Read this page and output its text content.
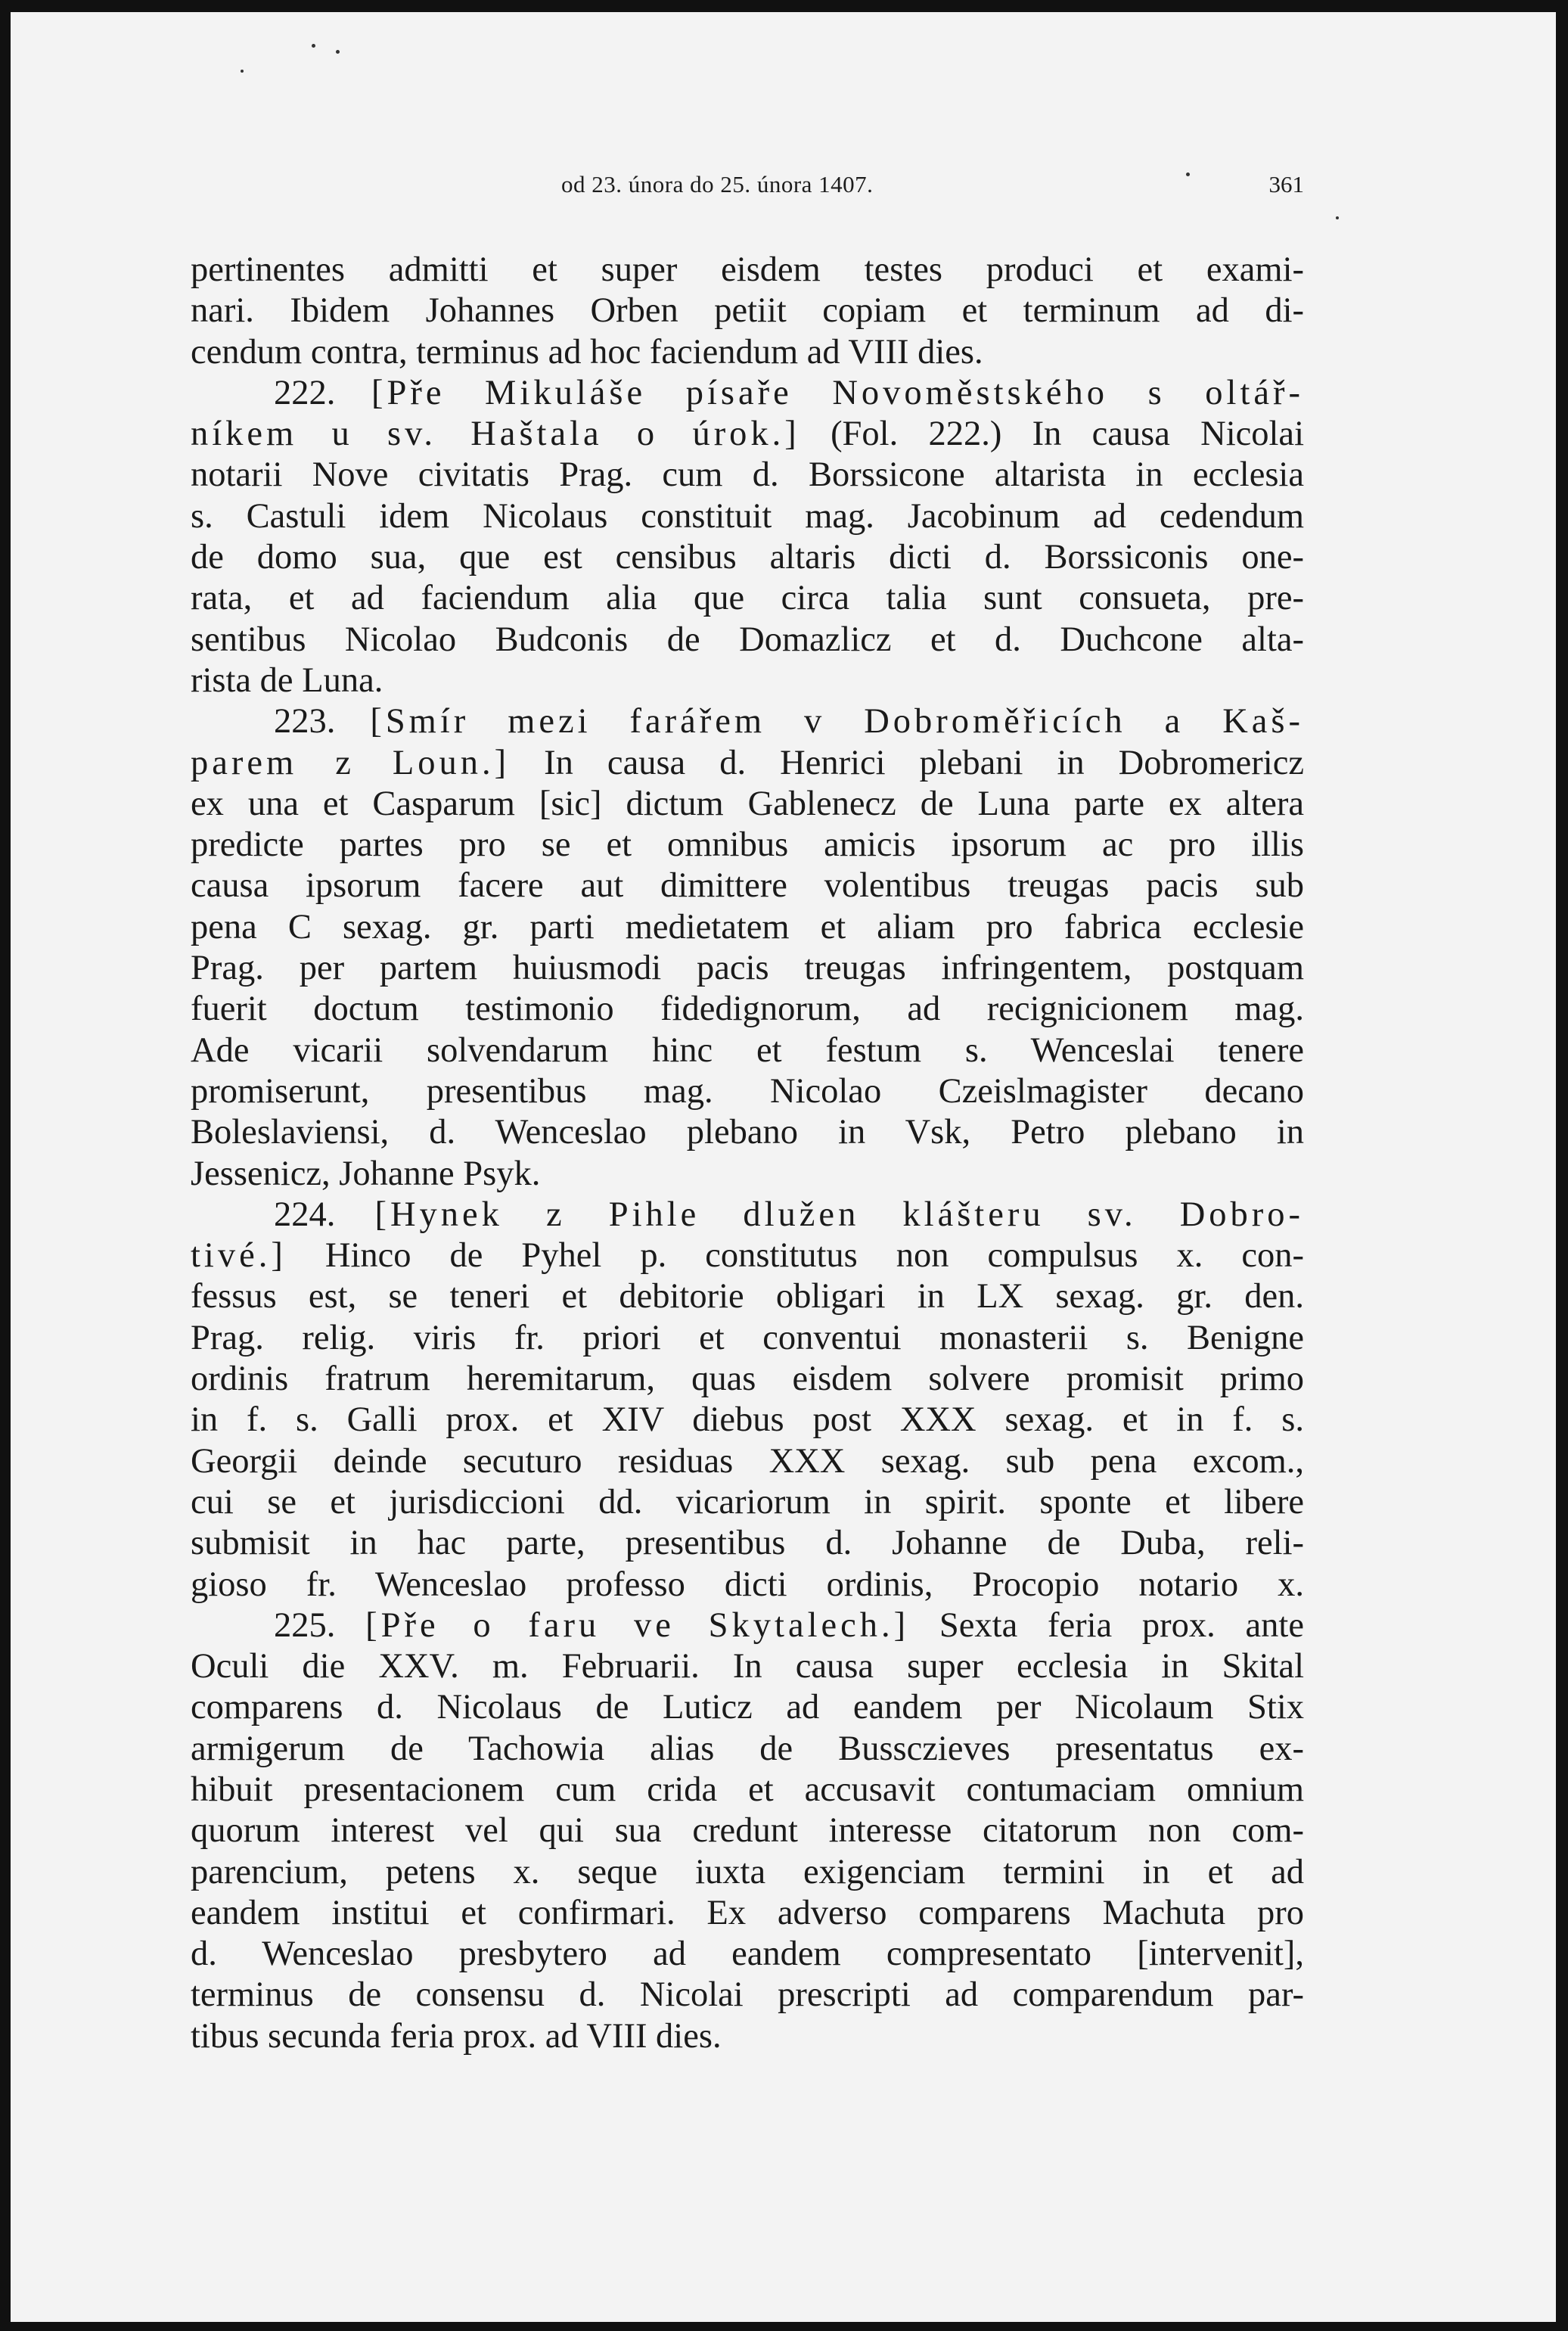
od 23. února do 25. února 1407.	361
pertinentes admitti et super eisdem testes produci et exami-
nari. Ibidem Johannes Orben petiit copiam et terminum ad di-
cendum contra, terminus ad hoc faciendum ad VIII dies.
222. [Pře Mikuláše písaře Novoměstského s oltář-
níkem u sv. Haštala o úrok.] (Fol. 222.) In causa Nicolai
notarii Nove civitatis Prag. cum d. Borssicone altarista in ecclesia
s. Castuli idem Nicolaus constituit mag. Jacobinum ad cedendum
de domo sua, que est censibus altaris dicti d. Borssiconis one-
rata, et ad faciendum alia que circa talia sunt consueta, pre-
sentibus Nicolao Budconis de Domazlicz et d. Duchcone alta-
rista de Luna.
223. [Smír mezi farářem v Dobroměřicích a Kaš-
parem z Loun.] In causa d. Henrici plebani in Dobromericz
ex una et Casparum [sic] dictum Gablenecz de Luna parte ex altera
predicte partes pro se et omnibus amicis ipsorum ac pro illis
causa ipsorum facere aut dimittere volentibus treugas pacis sub
pena C sexag. gr. parti medietatem et aliam pro fabrica ecclesie
Prag. per partem huiusmodi pacis treugas infringentem, postquam
fuerit doctum testimonio fidedignorum, ad recignicionem mag.
Ade vicarii solvendarum hinc et festum s. Wenceslai tenere
promiserunt, presentibus mag. Nicolao Czeislmagister decano
Boleslaviensi, d. Wenceslao plebano in Vsk, Petro plebano in
Jessenicz, Johanne Psyk.
224. [Hynek z Pihle dlužen klášteru sv. Dobro-
tivé.] Hinco de Pyhel p. constitutus non compulsus x. con-
fessus est, se teneri et debitorie obligari in LX sexag. gr. den.
Prag. relig. viris fr. priori et conventui monasterii s. Benigne
ordinis fratrum heremitarum, quas eisdem solvere promisit primo
in f. s. Galli prox. et XIV diebus post XXX sexag. et in f. s.
Georgii deinde secuturo residuas XXX sexag. sub pena excom.,
cui se et jurisdiccioni dd. vicariorum in spirit. sponte et libere
submisit in hac parte, presentibus d. Johanne de Duba, reli-
gioso fr. Wenceslao professo dicti ordinis, Procopio notario x.
225. [Pře o faru ve Skytalech.] Sexta feria prox. ante
Oculi die XXV. m. Februarii. In causa super ecclesia in Skital
comparens d. Nicolaus de Luticz ad eandem per Nicolaum Stix
armigerum de Tachowia alias de Bussczieves presentatus ex-
hibuit presentacionem cum crida et accusavit contumaciam omnium
quorum interest vel qui sua credunt interesse citatorum non com-
parencium, petens x. seque iuxta exigenciam termini in et ad
eandem institui et confirmari. Ex adverso comparens Machuta pro
d. Wenceslao presbytero ad eandem compresentato [intervenit],
terminus de consensu d. Nicolai prescripti ad comparendum par-
tibus secunda feria prox. ad VIII dies.
